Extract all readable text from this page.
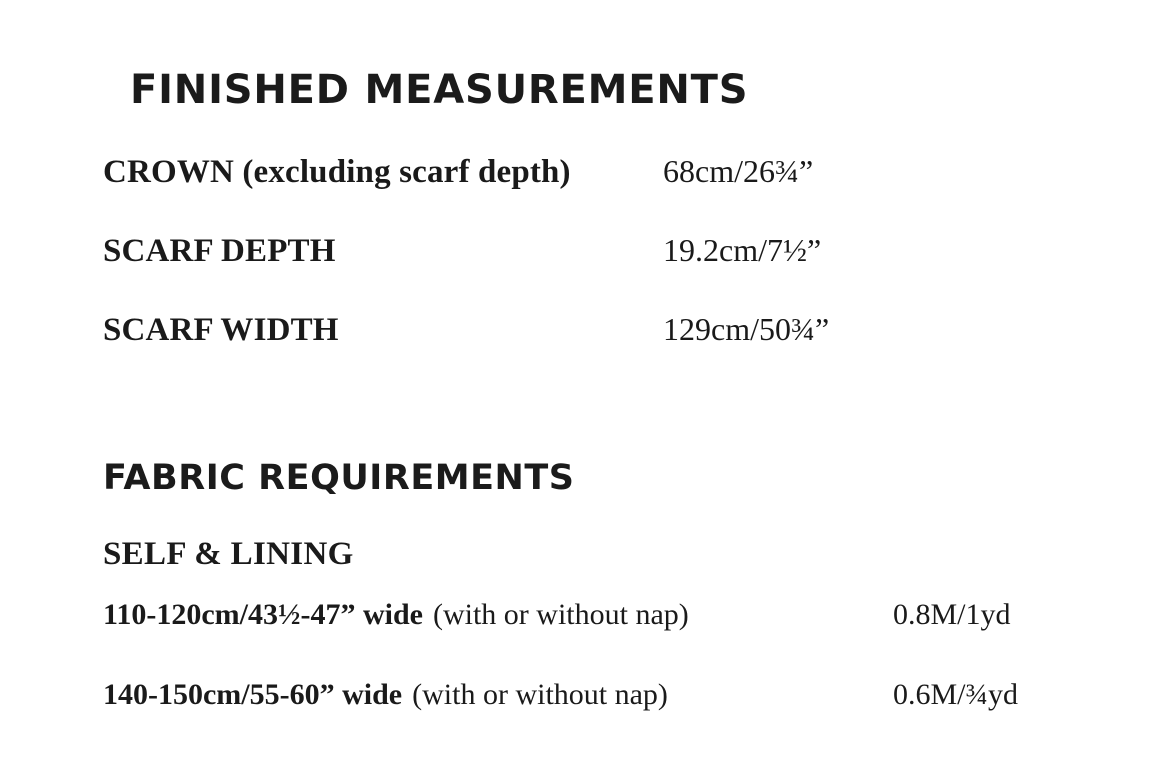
FINISHED MEASUREMENTS
CROWN (excluding scarf depth)	68cm/26¾”
SCARF DEPTH	19.2cm/7½”
SCARF WIDTH	129cm/50¾”
FABRIC REQUIREMENTS
SELF & LINING
110-120cm/43½-47” wide (with or without nap)	0.8M/1yd
140-150cm/55-60” wide (with or without nap)	0.6M/¾yd
